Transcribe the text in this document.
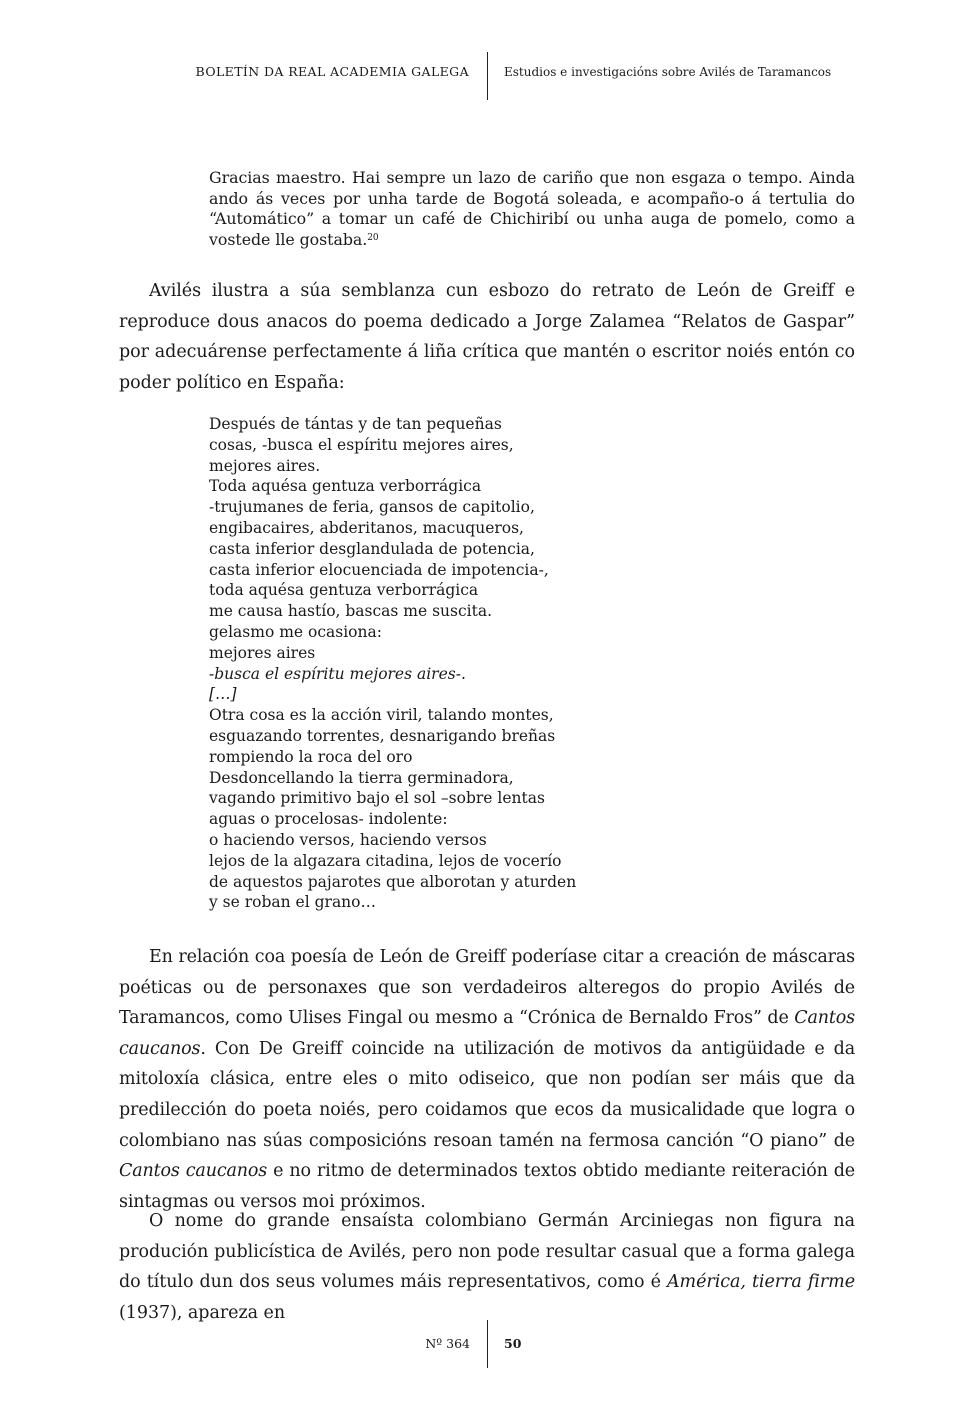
BOLETÍN DA REAL ACADEMIA GALEGA	Estudios e investigacións sobre Avilés de Taramancos

Gracias maestro. Hai sempre un lazo de cariño que non esgaza o tempo. Ainda ando ás veces por unha tarde de Bogotá soleada, e acompaño-o á tertulia do “Automático” a tomar un café de Chichiribí ou unha auga de pomelo, como a vostede lle gostaba.$^{20}$

Avilés ilustra a súa semblanza cun esbozo do retrato de León de Greiff e reproduce dous anacos do poema dedicado a Jorge Zalamea “Relatos de Gaspar” por adecuárense perfectamente á liña crítica que mantén o escritor noiés entón co poder político en España:

Después de tántas y de tan pequeñas
cosas, -busca el espíritu mejores aires,
mejores aires.
Toda aquésa gentuza verborrágica
-trujumanes de feria, gansos de capitolio,
engibacaires, abderitanos, macuqueros,
casta inferior desglandulada de potencia,
casta inferior elocuenciada de impotencia-,
toda aquésa gentuza verborrágica
me causa hastío, bascas me suscita.
gelasmo me ocasiona:
mejores aires
-busca el espíritu mejores aires-.
[…]
Otra cosa es la acción viril, talando montes,
esguazando torrentes, desnarigando breñas
rompiendo la roca del oro
Desdoncellando la tierra germinadora,
vagando primitivo bajo el sol –sobre lentas
aguas o procelosas- indolente:
o haciendo versos, haciendo versos
lejos de la algazara citadina, lejos de vocerío
de aquestos pajarotes que alborotan y aturden
y se roban el grano…

En relación coa poesía de León de Greiff poderíase citar a creación de máscaras poéticas ou de personaxes que son verdadeiros alteregos do propio Avilés de Taramancos, como Ulises Fingal ou mesmo a “Crónica de Bernaldo Fros” de Cantos caucanos. Con De Greiff coincide na utilización de motivos da antigüidade e da mitoloxía clásica, entre eles o mito odiseico, que non podían ser máis que da predilección do poeta noiés, pero coidamos que ecos da musicalidade que logra o colombiano nas súas composicións resoan tamén na fermosa canción “O piano” de Cantos caucanos e no ritmo de determinados textos obtido mediante reiteración de sintagmas ou versos moi próximos.

O nome do grande ensaísta colombiano Germán Arciniegas non figura na produción publicística de Avilés, pero non pode resultar casual que a forma galega do título dun dos seus volumes máis representativos, como é América, tierra firme (1937), apareza en

Nº 364	50
